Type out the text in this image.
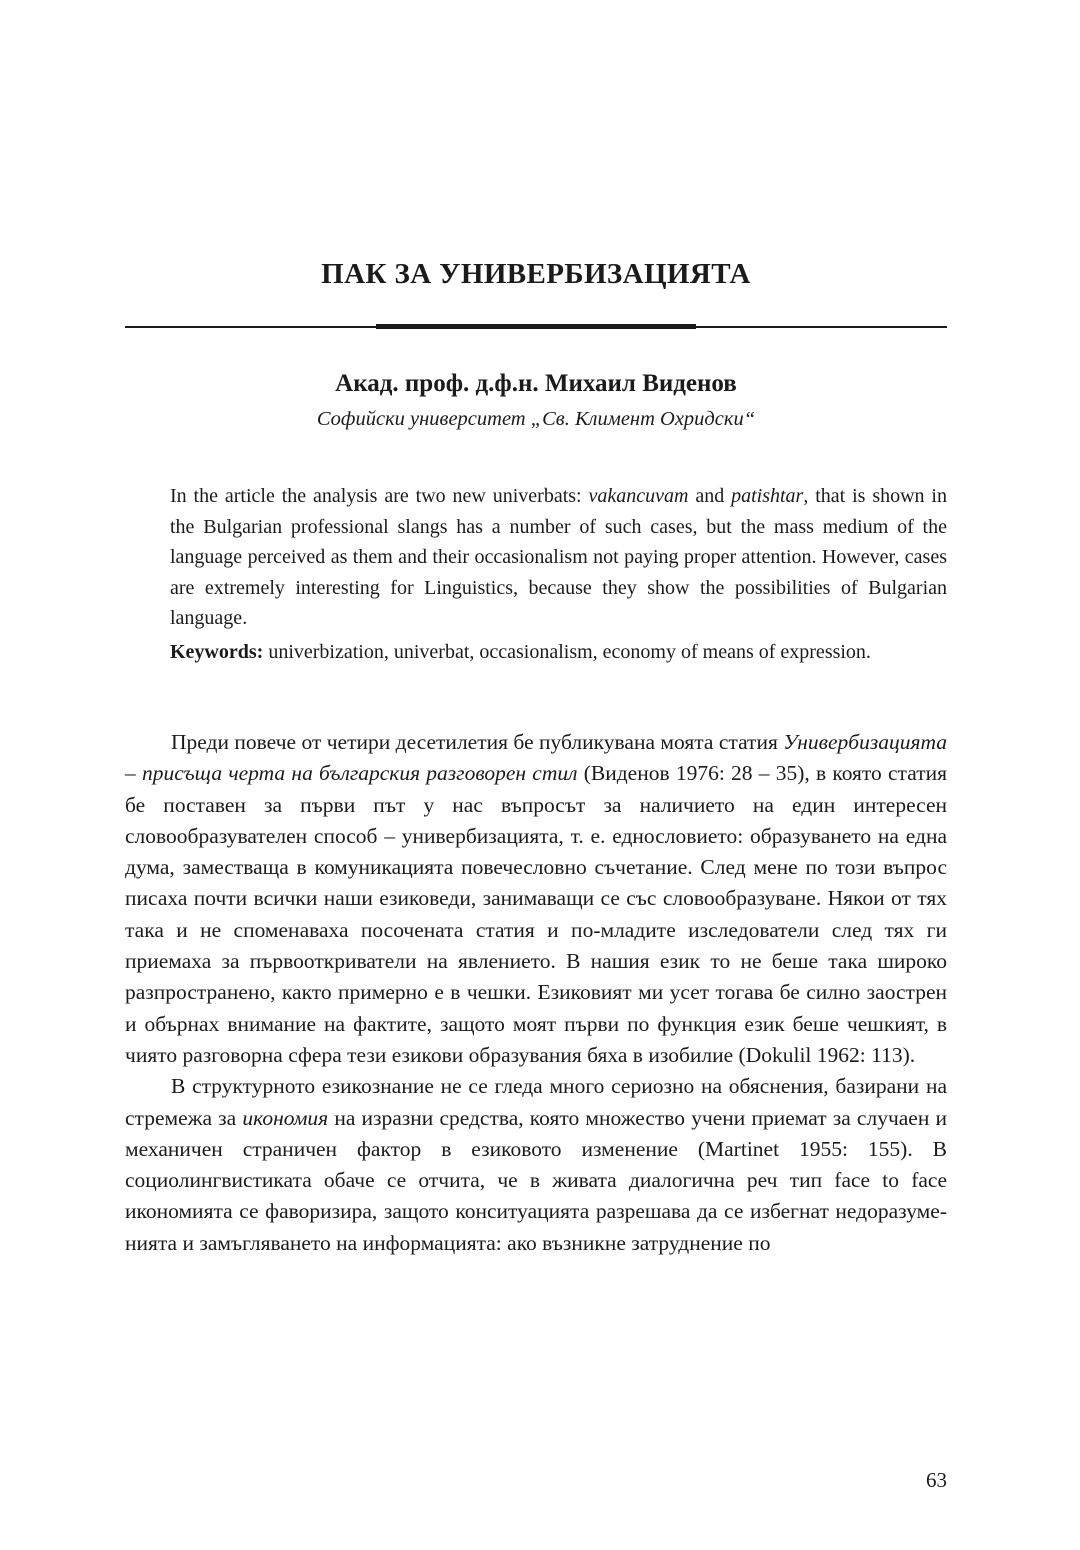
ПАК ЗА УНИВЕРБИЗАЦИЯТА

Акад. проф. д.ф.н. Михаил Виденов

Софийски университет „Св. Климент Охридски“

In the article the analysis are two new univerbats: vakancuvam and patishtar, that is shown in the Bulgarian professional slangs has a number of such cases, but the mass medium of the language perceived as them and their occasionalism not paying proper attention. However, cases are extremely interesting for Linguistics, because they show the possibilities of Bulgarian language.

Keywords: univerbization, univerbat, occasionalism, economy of means of expression.

Преди повече от четири десетилетия бе публикувана моята статия Универбизацията – присъща черта на българския разговорен стил (Виденов 1976: 28 – 35), в която статия бе поставен за първи път у нас въпросът за наличието на един интересен словообразувателен способ – универбизацията, т. е. еднословието: образуването на една дума, заместваща в комуникацията повечесловно съчетание. След мене по този въпрос писаха почти всички наши езиковеди, занимаващи се със словообразуване. Някои от тях така и не споменаваха посочената статия и по-младите изследователи след тях ги приемаха за първооткриватели на явлението. В нашия език то не беше така широко разпространено, както примерно е в чешки. Езиковият ми усет тогава бе силно заострен и обърнах внимание на фактите, защото моят първи по функция език беше чешкият, в чиято разговорна сфера тези езикови образувания бяха в изобилие (Dokulil 1962: 113).

В структурното езикознание не се гледа много сериозно на обяснения, базирани на стремежа за икономия на изразни средства, която множество учени приемат за случаен и механичен страничен фактор в езиковото изменение (Martinet 1955: 155). В социолингвистиката обаче се отчита, че в живата диалогична реч тип face to face икономията се фаворизира, защото конситуацията разрешава да се избегнат недоразуменията и замъгляването на информацията: ако възникне затруднение по

63
